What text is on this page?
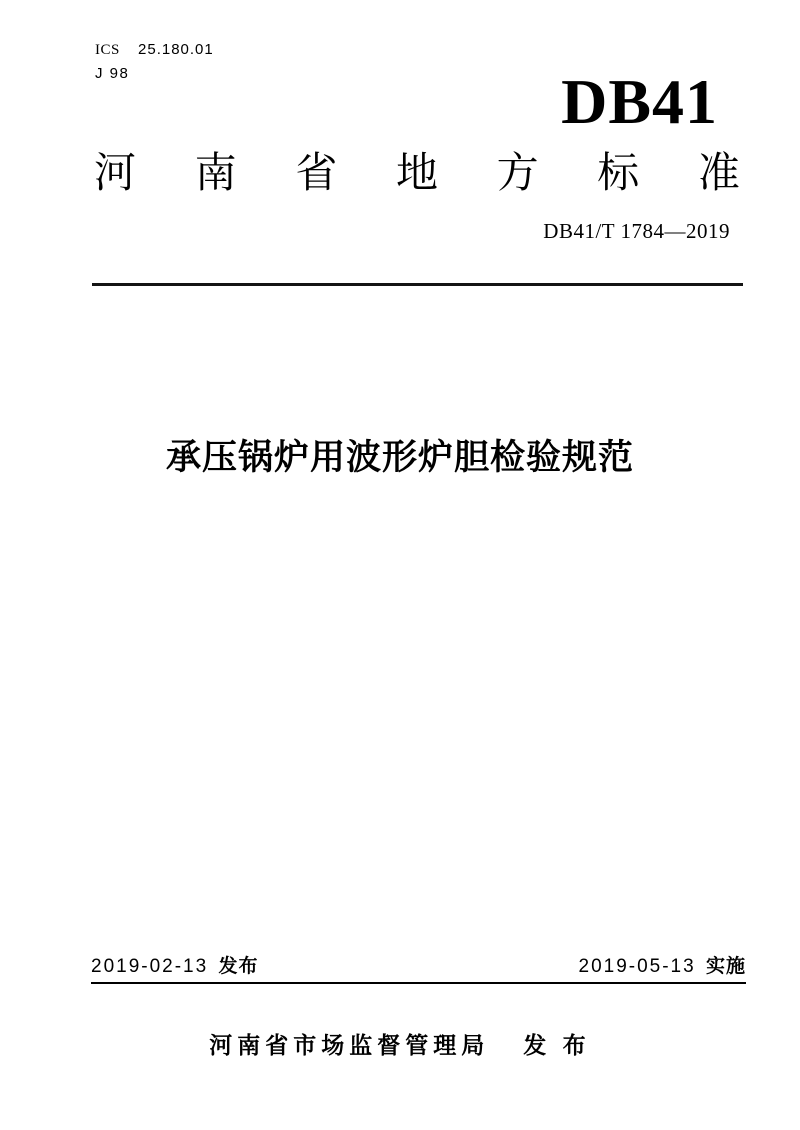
ICS 25.180.01
J 98	DB41
河 南 省 地 方 标 准
DB41/T 1784—2019
承压锅炉用波形炉胆检验规范
2019-02-13 发布	2019-05-13 实施
河南省市场监督管理局 发 布
